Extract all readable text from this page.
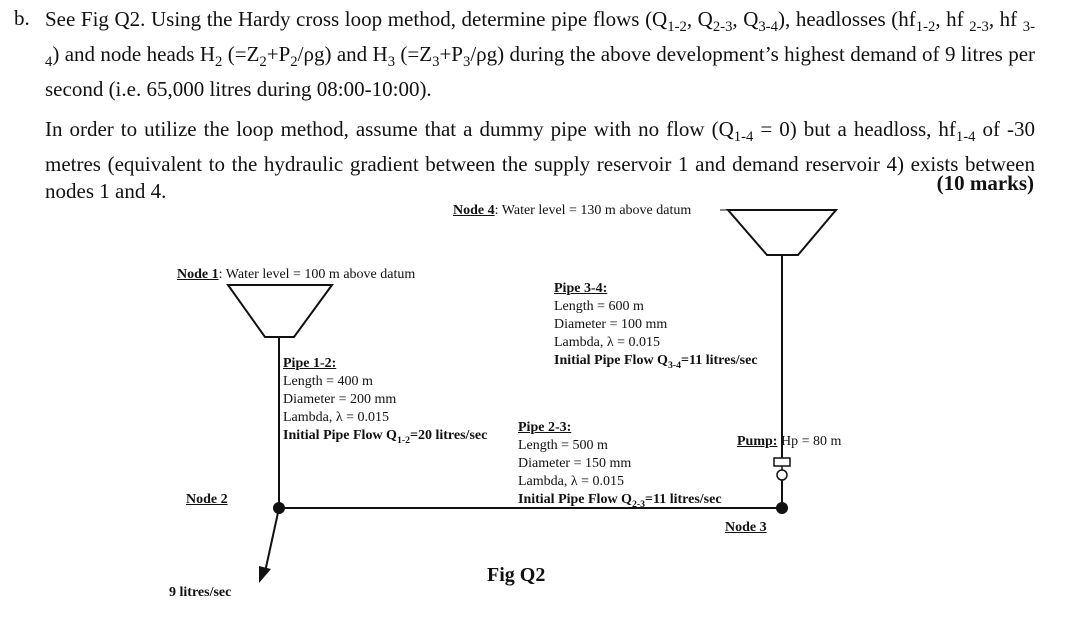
b. See Fig Q2. Using the Hardy cross loop method, determine pipe flows ($Q_{1-2}$, $Q_{2-3}$, $Q_{3-4}$), headlosses ($hf_{1-2}$, hf $_{2-3}$, hf $_{3-4}$) and node heads $H_2$ $(=Z_2+P_2/\rho g)$ and $H_3$ $(=Z_3+P_3/\rho g)$ during the above development’s highest demand of 9 litres per second (i.e. 65,000 litres during 08:00-10:00).
In order to utilize the loop method, assume that a dummy pipe with no flow $(Q_{1-4} = 0)$ but a headloss, $hf_{1-4}$ of -30 metres (equivalent to the hydraulic gradient between the supply reservoir 1 and demand reservoir 4) exists between nodes 1 and 4.	(10 marks)
Node 4: Water level = 130 m above datum
Node 1: Water level = 100 m above datum
Pipe 3-4:
Length = 600 m
Diameter = 100 mm
Lambda, λ = 0.015
Initial Pipe Flow $Q_{3-4}=11$ litres/sec
Pipe 1-2:
Length = 400 m
Diameter = 200 mm
Lambda, λ = 0.015
Initial Pipe Flow $Q_{1-2}=20$ litres/sec
Pipe 2-3:
Length = 500 m
Diameter = 150 mm
Lambda, λ = 0.015
Initial Pipe Flow $Q_{2-3}=11$ litres/sec
Pump: Hp = 80 m
Node 2
Node 3
9 litres/sec
Fig Q2
